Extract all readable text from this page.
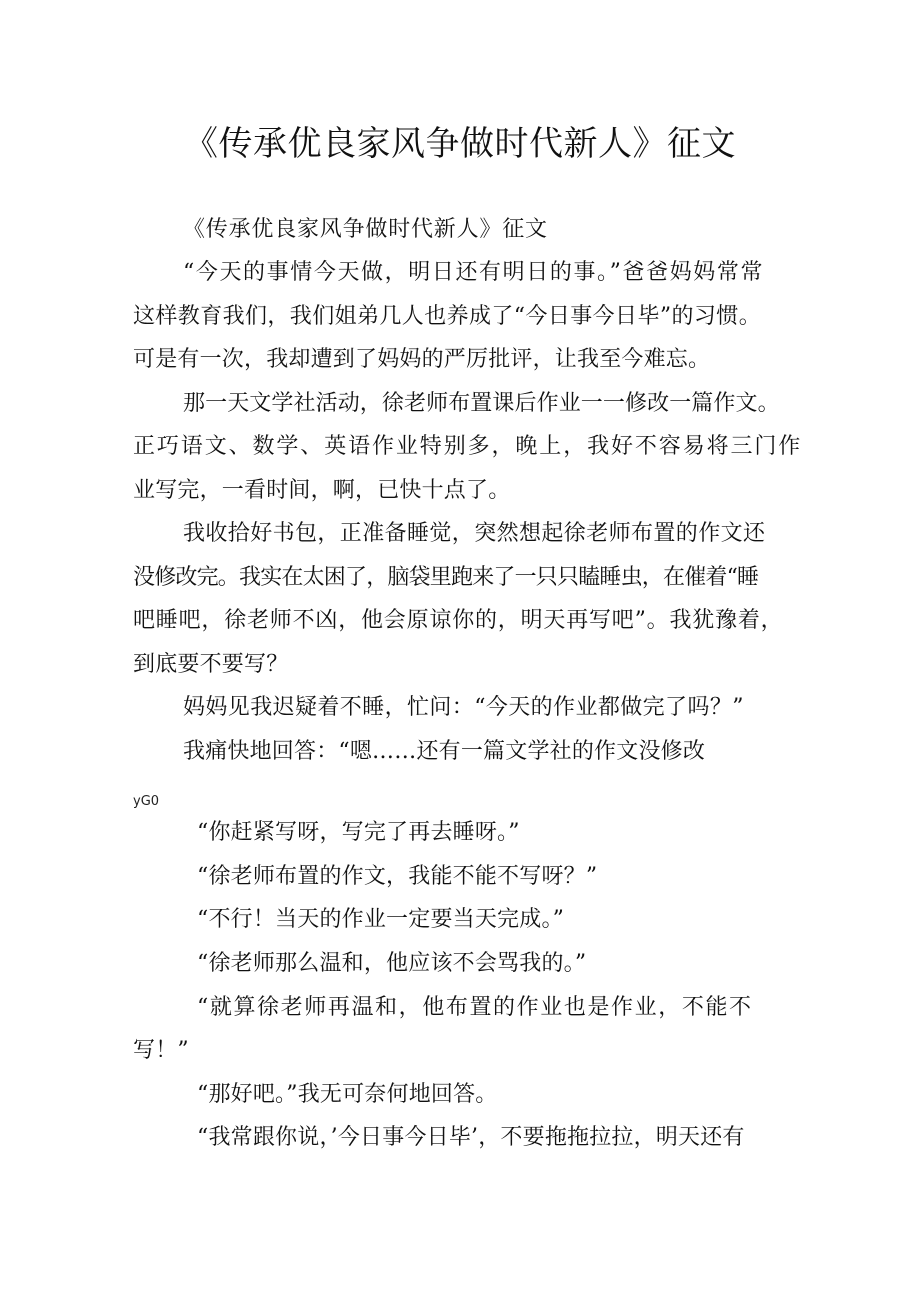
《传承优良家风争做时代新人》征文
《传承优良家风争做时代新人》征文
“今天的事情今天做，明日还有明日的事。”爸爸妈妈常常
这样教育我们，我们姐弟几人也养成了“今日事今日毕”的习惯。
可是有一次，我却遭到了妈妈的严厉批评，让我至今难忘。
那一天文学社活动，徐老师布置课后作业一一修改一篇作文。
正巧语文、数学、英语作业特别多，晚上，我好不容易将三门作
业写完，一看时间，啊，已快十点了。
我收拾好书包，正准备睡觉，突然想起徐老师布置的作文还
没修改完。我实在太困了，脑袋里跑来了一只只瞌睡虫，在催着“睡
吧睡吧，徐老师不凶，他会原谅你的，明天再写吧”。我犹豫着，
到底要不要写？
妈妈见我迟疑着不睡，忙问：“今天的作业都做完了吗？”
我痛快地回答：“嗯……还有一篇文学社的作文没修改
yG0
“你赶紧写呀，写完了再去睡呀。”
“徐老师布置的作文，我能不能不写呀？”
“不行！当天的作业一定要当天完成。”
“徐老师那么温和，他应该不会骂我的。”
“就算徐老师再温和，他布置的作业也是作业，不能不
写！”
“那好吧。”我无可奈何地回答。
“我常跟你说，’今日事今日毕’，不要拖拖拉拉，明天还有
